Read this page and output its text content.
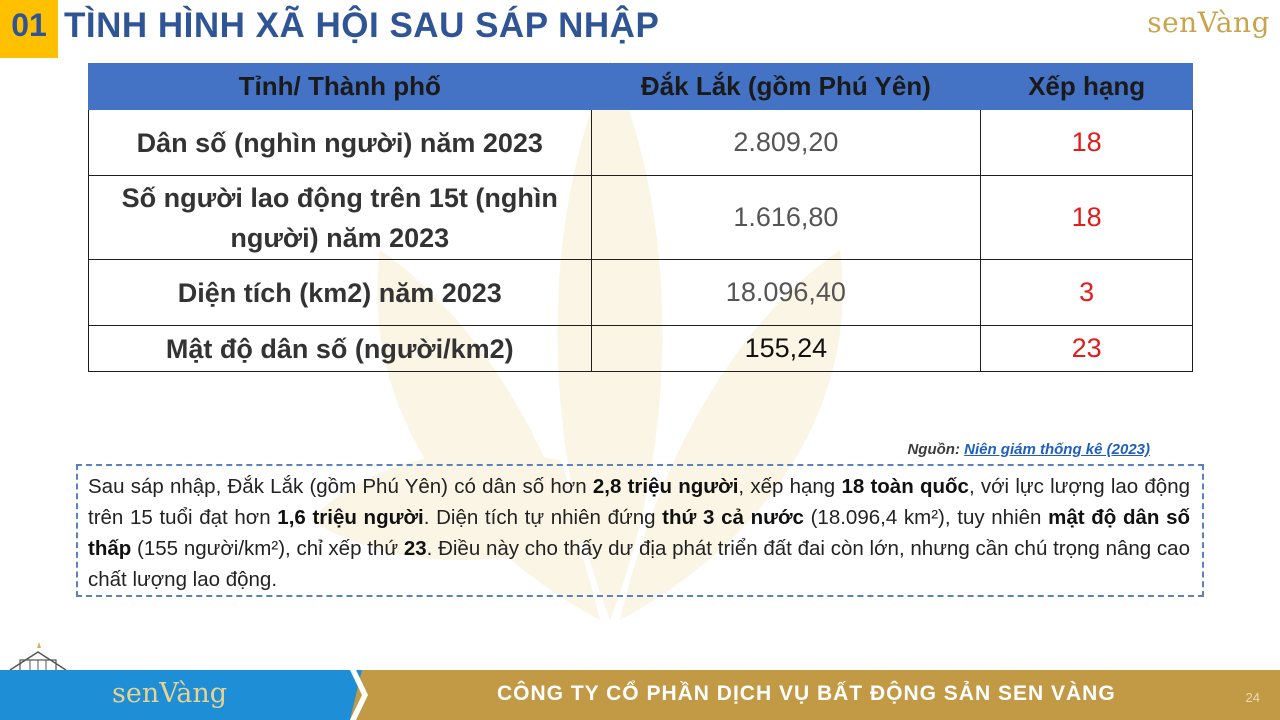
01 TÌNH HÌNH XÃ HỘI SAU SÁP NHẬP	senVàng
Tỉnh/ Thành phố	Đắk Lắk (gồm Phú Yên)	Xếp hạng
Dân số (nghìn người) năm 2023	2.809,20	18
Số người lao động trên 15t (nghìn người) năm 2023	1.616,80	18
Diện tích (km2) năm 2023	18.096,40	3
Mật độ dân số (người/km2)	155,24	23
Nguồn: Niên giám thống kê (2023)
Sau sáp nhập, Đắk Lắk (gồm Phú Yên) có dân số hơn 2,8 triệu người, xếp hạng 18 toàn quốc, với lực lượng lao động trên 15 tuổi đạt hơn 1,6 triệu người. Diện tích tự nhiên đứng thứ 3 cả nước (18.096,4 km²), tuy nhiên mật độ dân số thấp (155 người/km²), chỉ xếp thứ 23. Điều này cho thấy dư địa phát triển đất đai còn lớn, nhưng cần chú trọng nâng cao chất lượng lao động.
senVàng	CÔNG TY CỔ PHẦN DỊCH VỤ BẤT ĐỘNG SẢN SEN VÀNG	24
